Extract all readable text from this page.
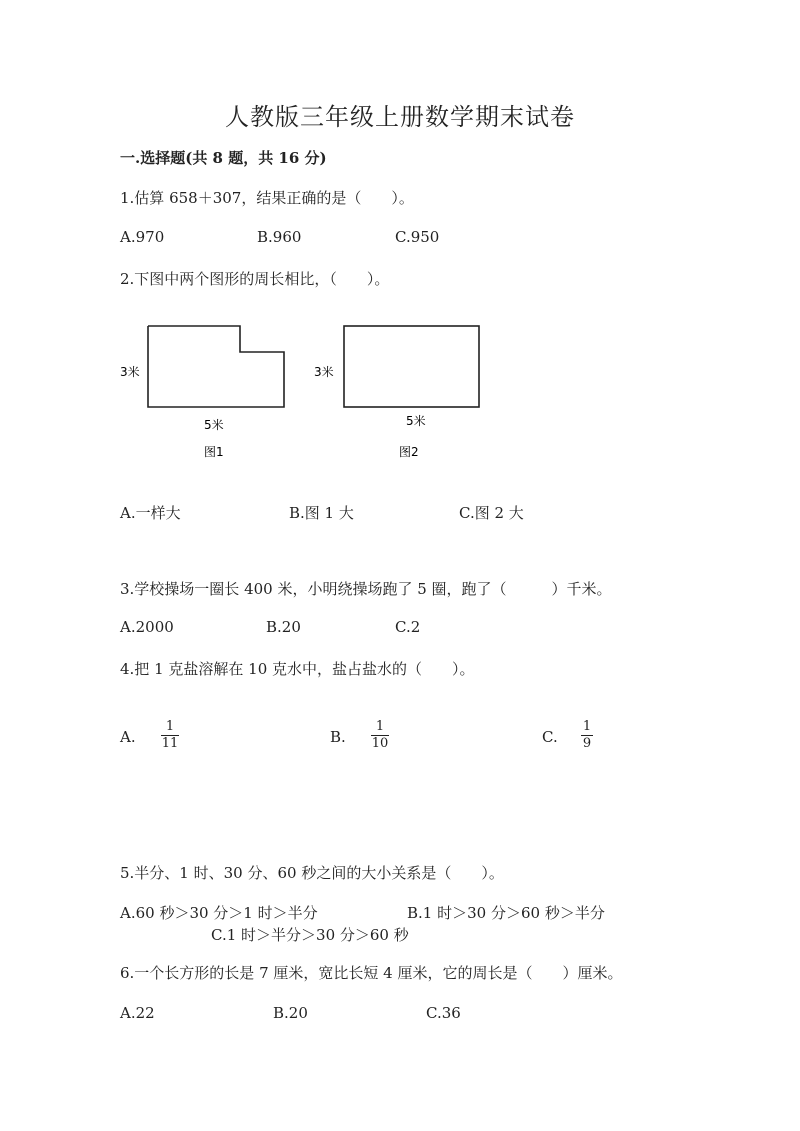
人教版三年级上册数学期末试卷
一.选择题(共 8 题，共 16 分)
1.估算 658＋307，结果正确的是（　　）。
A.970	B.960	C.950
2.下图中两个图形的周长相比，（　　）。
3米
5米
图1
3米
5米
图2
A.一样大	B.图 1 大	C.图 2 大
3.学校操场一圈长 400 米，小明绕操场跑了 5 圈，跑了（　　　）千米。
A.2000	B.20	C.2
4.把 1 克盐溶解在 10 克水中，盐占盐水的（　　）。
A.
1
11	B.
1
10	C.
1
9
5.半分、1 时、30 分、60 秒之间的大小关系是（　　）。
A.60 秒＞30 分＞1 时＞半分	B.1 时＞30 分＞60 秒＞半分
C.1 时＞半分＞30 分＞60 秒
6.一个长方形的长是 7 厘米，宽比长短 4 厘米，它的周长是（　　）厘米。
A.22	B.20	C.36
